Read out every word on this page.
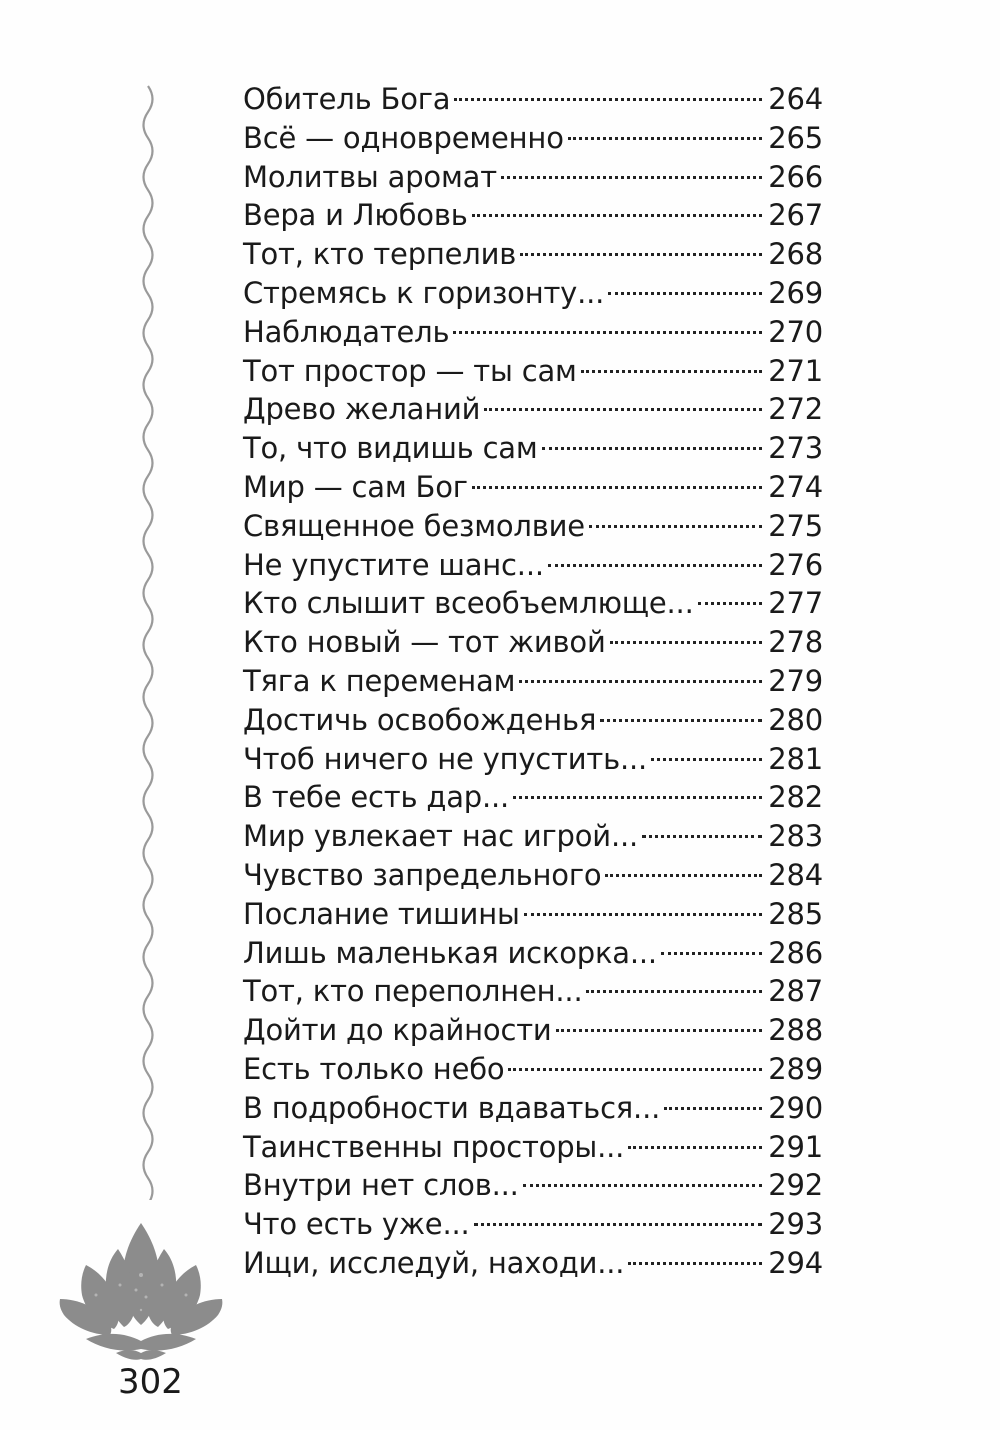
Обитель Бога	264
Всё — одновременно	265
Молитвы аромат	266
Вера и Любовь	267
Тот, кто терпелив	268
Стремясь к горизонту...	269
Наблюдатель	270
Тот простор — ты сам	271
Древо желаний	272
То, что видишь сам	273
Мир — сам Бог	274
Священное безмолвие	275
Не упустите шанс...	276
Кто слышит всеобъемлюще...	277
Кто новый — тот живой	278
Тяга к переменам	279
Достичь освобожденья	280
Чтоб ничего не упустить...	281
В тебе есть дар...	282
Мир увлекает нас игрой...	283
Чувство запредельного	284
Послание тишины	285
Лишь маленькая искорка...	286
Тот, кто переполнен...	287
Дойти до крайности	288
Есть только небо	289
В подробности вдаваться...	290
Таинственны просторы...	291
Внутри нет слов...	292
Что есть уже...	293
Ищи, исследуй, находи...	294
302
